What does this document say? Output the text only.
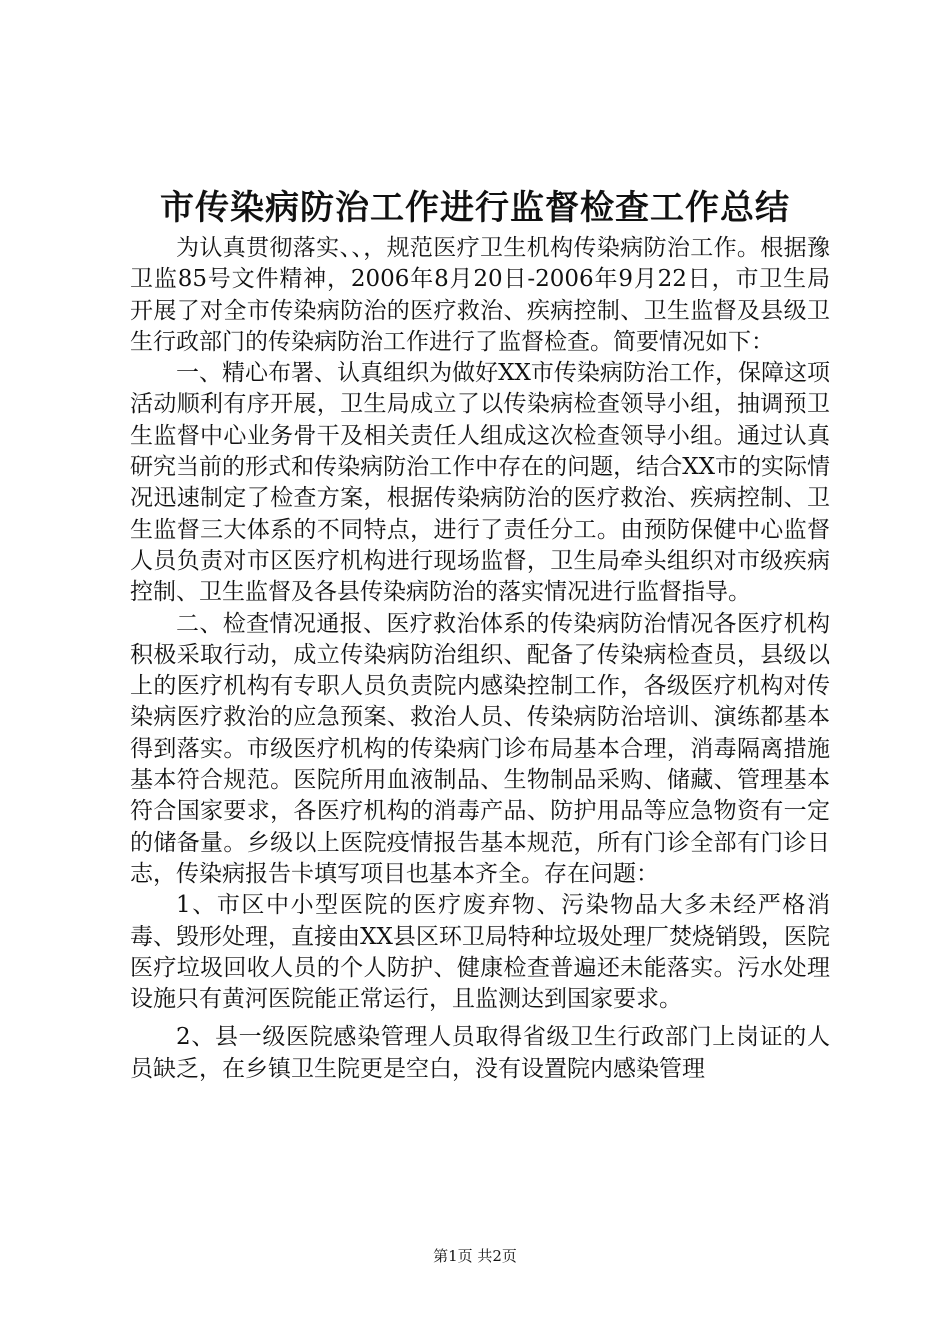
市传染病防治工作进行监督检查工作总结

为认真贯彻落实、、，规范医疗卫生机构传染病防治工作。根据豫卫监85号文件精神，2006年8月20日-2006年9月22日，市卫生局开展了对全市传染病防治的医疗救治、疾病控制、卫生监督及县级卫生行政部门的传染病防治工作进行了监督检查。简要情况如下：

一、精心布署、认真组织为做好XX市传染病防治工作，保障这项活动顺利有序开展，卫生局成立了以传染病检查领导小组，抽调预卫生监督中心业务骨干及相关责任人组成这次检查领导小组。通过认真研究当前的形式和传染病防治工作中存在的问题，结合XX市的实际情况迅速制定了检查方案，根据传染病防治的医疗救治、疾病控制、卫生监督三大体系的不同特点，进行了责任分工。由预防保健中心监督人员负责对市区医疗机构进行现场监督，卫生局牵头组织对市级疾病控制、卫生监督及各县传染病防治的落实情况进行监督指导。

二、检查情况通报、医疗救治体系的传染病防治情况各医疗机构积极采取行动，成立传染病防治组织、配备了传染病检查员，县级以上的医疗机构有专职人员负责院内感染控制工作，各级医疗机构对传染病医疗救治的应急预案、救治人员、传染病防治培训、演练都基本得到落实。市级医疗机构的传染病门诊布局基本合理，消毒隔离措施基本符合规范。医院所用血液制品、生物制品采购、储藏、管理基本符合国家要求，各医疗机构的消毒产品、防护用品等应急物资有一定的储备量。乡级以上医院疫情报告基本规范，所有门诊全部有门诊日志，传染病报告卡填写项目也基本齐全。存在问题：

1、市区中小型医院的医疗废弃物、污染物品大多未经严格消毒、毁形处理，直接由XX县区环卫局特种垃圾处理厂焚烧销毁，医院医疗垃圾回收人员的个人防护、健康检查普遍还未能落实。污水处理设施只有黄河医院能正常运行，且监测达到国家要求。

2、县一级医院感染管理人员取得省级卫生行政部门上岗证的人员缺乏，在乡镇卫生院更是空白，没有设置院内感染管理

第1页 共2页
